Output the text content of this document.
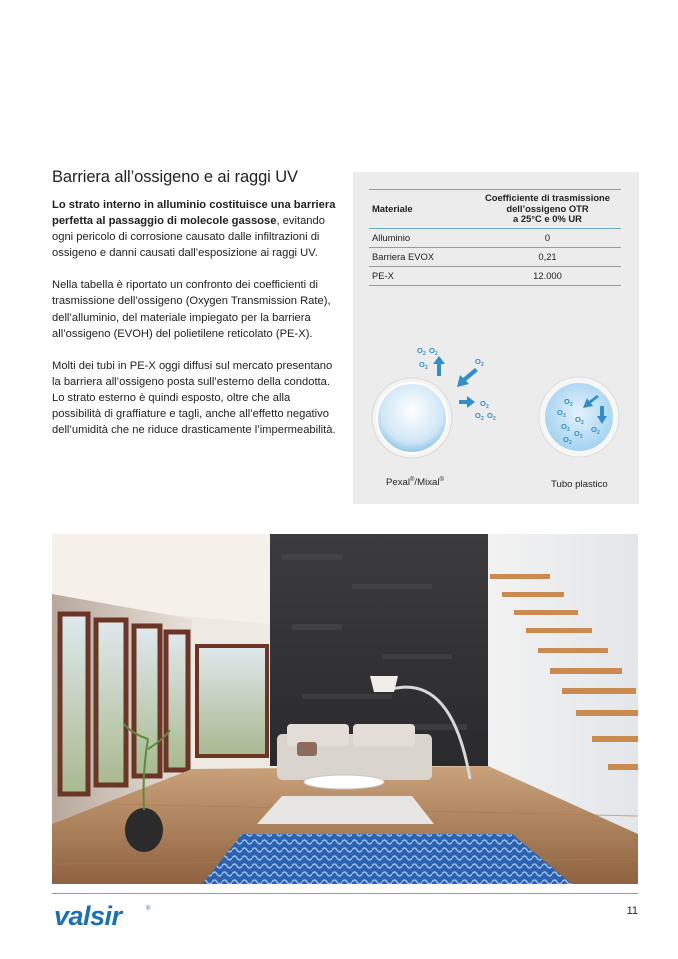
Barriera all’ossigeno e ai raggi UV

Lo strato interno in alluminio costituisce una barriera perfetta al passaggio di molecole gassose, evitando ogni pericolo di corrosione causato dalle infiltrazioni di ossigeno e danni causati dall’esposizione ai raggi UV.

Nella tabella è riportato un confronto dei coefficienti di trasmissione dell’ossigeno (Oxygen Transmission Rate), dell’alluminio, del materiale impiegato per la barriera all’ossigeno (EVOH) del polietilene reticolato (PE-X).

Molti dei tubi in PE-X oggi diffusi sul mercato presentano la barriera all’ossigeno posta sull’esterno della condotta. Lo strato esterno è quindi esposto, oltre che alla possibilità di graffiature e tagli, anche all’effetto negativo dell’umidità che ne riduce drasticamente l’impermeabilità.

Materiale	Coefficiente di trasmissione
dell’ossigeno OTR
a 25°C e 0% UR

Alluminio	0
Barriera EVOX	0,21
PE-X	12.000
O 2 O 2
O 2
O 2
O 2
O 2 O 2
O 2
O 2 O 2
O 2 O 2
O 2
O 2
Pexal®/Mixal®	Tubo plastico
valsir	®	11
